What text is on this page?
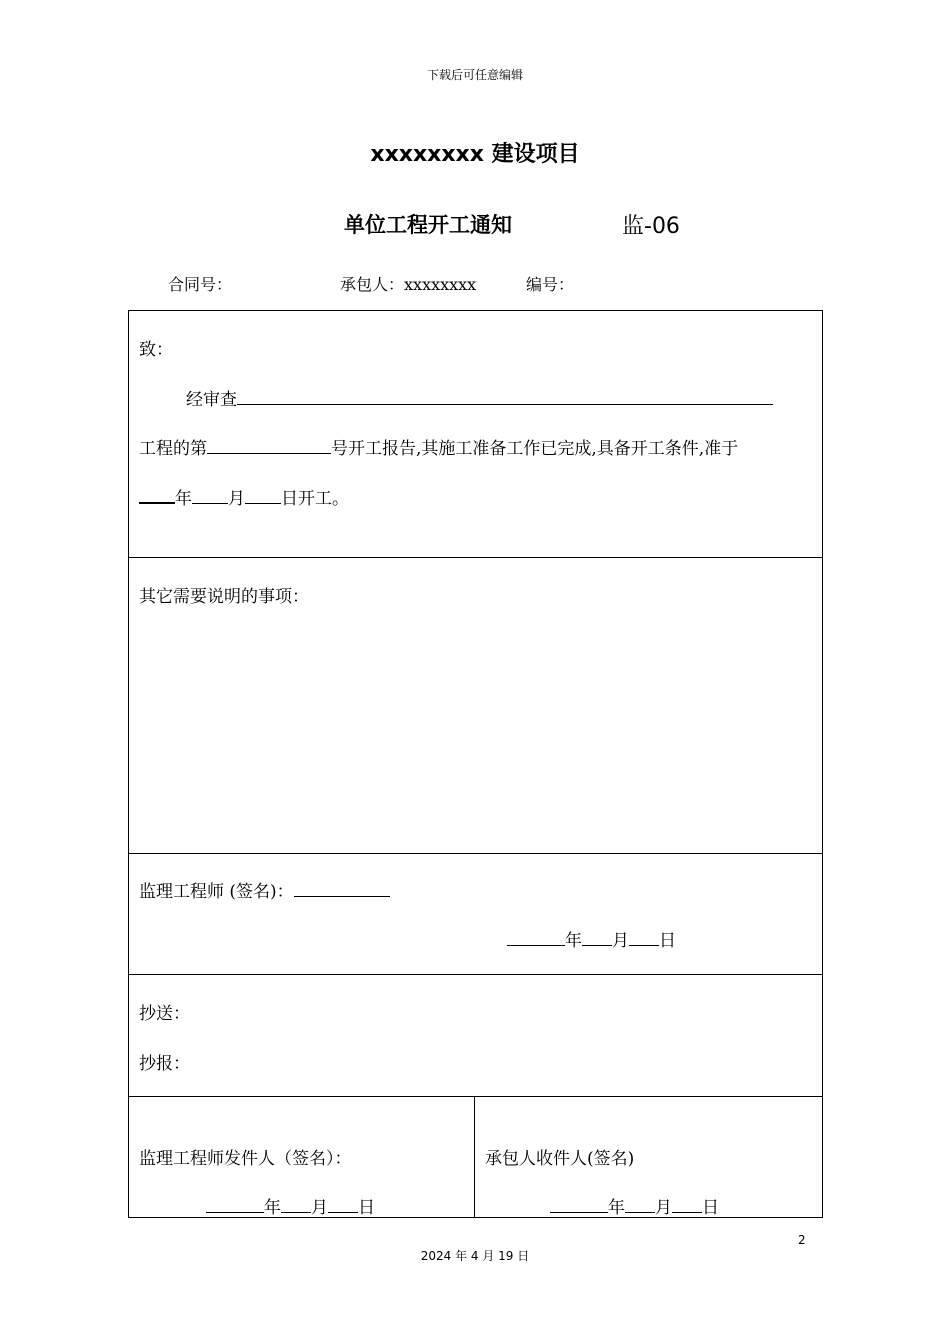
下载后可任意编辑
xxxxxxxx 建设项目
单位工程开工通知	监-06
合同号：	承包人：xxxxxxxx	编号：
致：
经审查
工程的第	号开工报告,其施工准备工作已完成,具备开工条件,准于
年 月 日开工。

其它需要说明的事项：

监理工程师 (签名)：
年 月 日

抄送：
抄报：

监理工程师发件人（签名）：
年 月 日

承包人收件人(签名)
年 月 日
2
2024 年 4 月 19 日
